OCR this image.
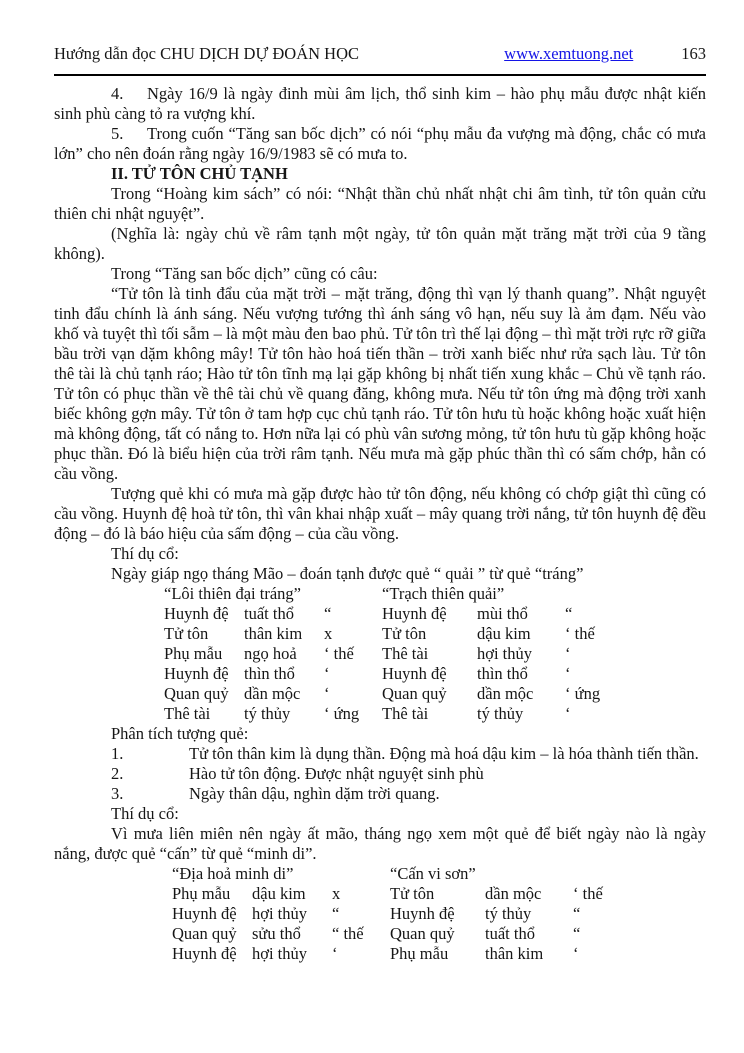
Hướng dẫn đọc CHU DỊCH DỰ ĐOÁN HỌC	www.xemtuong.net	163

4. Ngày 16/9 là ngày đinh mùi âm lịch, thổ sinh kim – hào phụ mẫu được nhật kiến sinh phù càng tỏ ra vượng khí.

5. Trong cuốn “Tăng san bốc dịch” có nói “phụ mẫu đa vượng mà động, chắc có mưa lớn” cho nên đoán rằng ngày 16/9/1983 sẽ có mưa to.

II. TỬ TÔN CHỦ TẠNH

Trong “Hoàng kim sách” có nói: “Nhật thần chủ nhất nhật chi âm tình, tử tôn quản cửu thiên chi nhật nguyệt”.

(Nghĩa là: ngày chủ về râm tạnh một ngày, tử tôn quản mặt trăng mặt trời của 9 tầng không).

Trong “Tăng san bốc dịch” cũng có câu:

“Tử tôn là tinh đẩu của mặt trời – mặt trăng, động thì vạn lý thanh quang”. Nhật nguyệt tinh đẩu chính là ánh sáng. Nếu vượng tướng thì ánh sáng vô hạn, nếu suy là ảm đạm. Nếu vào khố và tuyệt thì tối sẫm – là một màu đen bao phủ. Tử tôn trì thế lại động – thì mặt trời rực rỡ giữa bầu trời vạn dặm không mây! Tử tôn hào hoá tiến thần – trời xanh biếc như rửa sạch làu. Tử tôn thê tài là chủ tạnh ráo; Hào tử tôn tĩnh mạ lại gặp không bị nhất tiến xung khắc – Chủ về tạnh ráo. Tử tôn có phục thần về thê tài chủ về quang đăng, không mưa. Nếu tử tôn ứng mà động trời xanh biếc không gợn mây. Tử tôn ở tam hợp cục chủ tạnh ráo. Tử tôn hưu tù hoặc không hoặc xuất hiện mà không động, tất có nắng to. Hơn nữa lại có phù vân sương mỏng, tử tôn hưu tù gặp không hoặc phục thần. Đó là biểu hiện của trời râm tạnh. Nếu mưa mà gặp phúc thần thì có sấm chớp, hẳn có cầu vồng.

Tượng quẻ khi có mưa mà gặp được hào tử tôn động, nếu không có chớp giật thì cũng có cầu vồng. Huynh đệ hoà tử tôn, thì vân khai nhập xuất – mây quang trời nắng, tử tôn huynh đệ đều động – đó là báo hiệu của sấm động – của cầu vồng.

Thí dụ cổ:

Ngày giáp ngọ tháng Mão – đoán tạnh được quẻ “ quải ” từ quẻ “tráng”

“Lôi thiên đại tráng”	“Trạch thiên quải”
Huynh đệ tuất thổ	“	Huynh đệ	mùi thổ	“
Tử tôn	thân kim	x	Tử tôn	dậu kim	‘ thế
Phụ mẫu	ngọ hoả	‘ thế	Thê tài	hợi thủy	‘
Huynh đệ thìn thổ	‘	Huynh đệ	thìn thổ	‘
Quan quỷ dần mộc	‘	Quan quỷ	dần mộc	‘ ứng
Thê tài	tý thủy	‘ ứng	Thê tài	tý thủy	‘

Phân tích tượng quẻ:

1.	Tử tôn thân kim là dụng thần. Động mà hoá dậu kim – là hóa thành tiến thần.

2.	Hào tử tôn động. Được nhật nguyệt sinh phù

3.	Ngày thân dậu, nghìn dặm trời quang.

Thí dụ cổ:

Vì mưa liên miên nên ngày ất mão, tháng ngọ xem một quẻ để biết ngày nào là ngày nắng, được quẻ “cấn” từ quẻ “minh di”.

“Địa hoả minh di”	“Cấn vi sơn”
Phụ mẫu	dậu kim	x	Tử tôn	dần mộc	‘ thế
Huynh đệ hợi thủy	“	Huynh đệ	tý thủy	“
Quan quỷ sửu thổ	“ thế	Quan quỷ	tuất thổ	“
Huynh đệ hợi thủy	‘	Phụ mẫu	thân kim	‘
